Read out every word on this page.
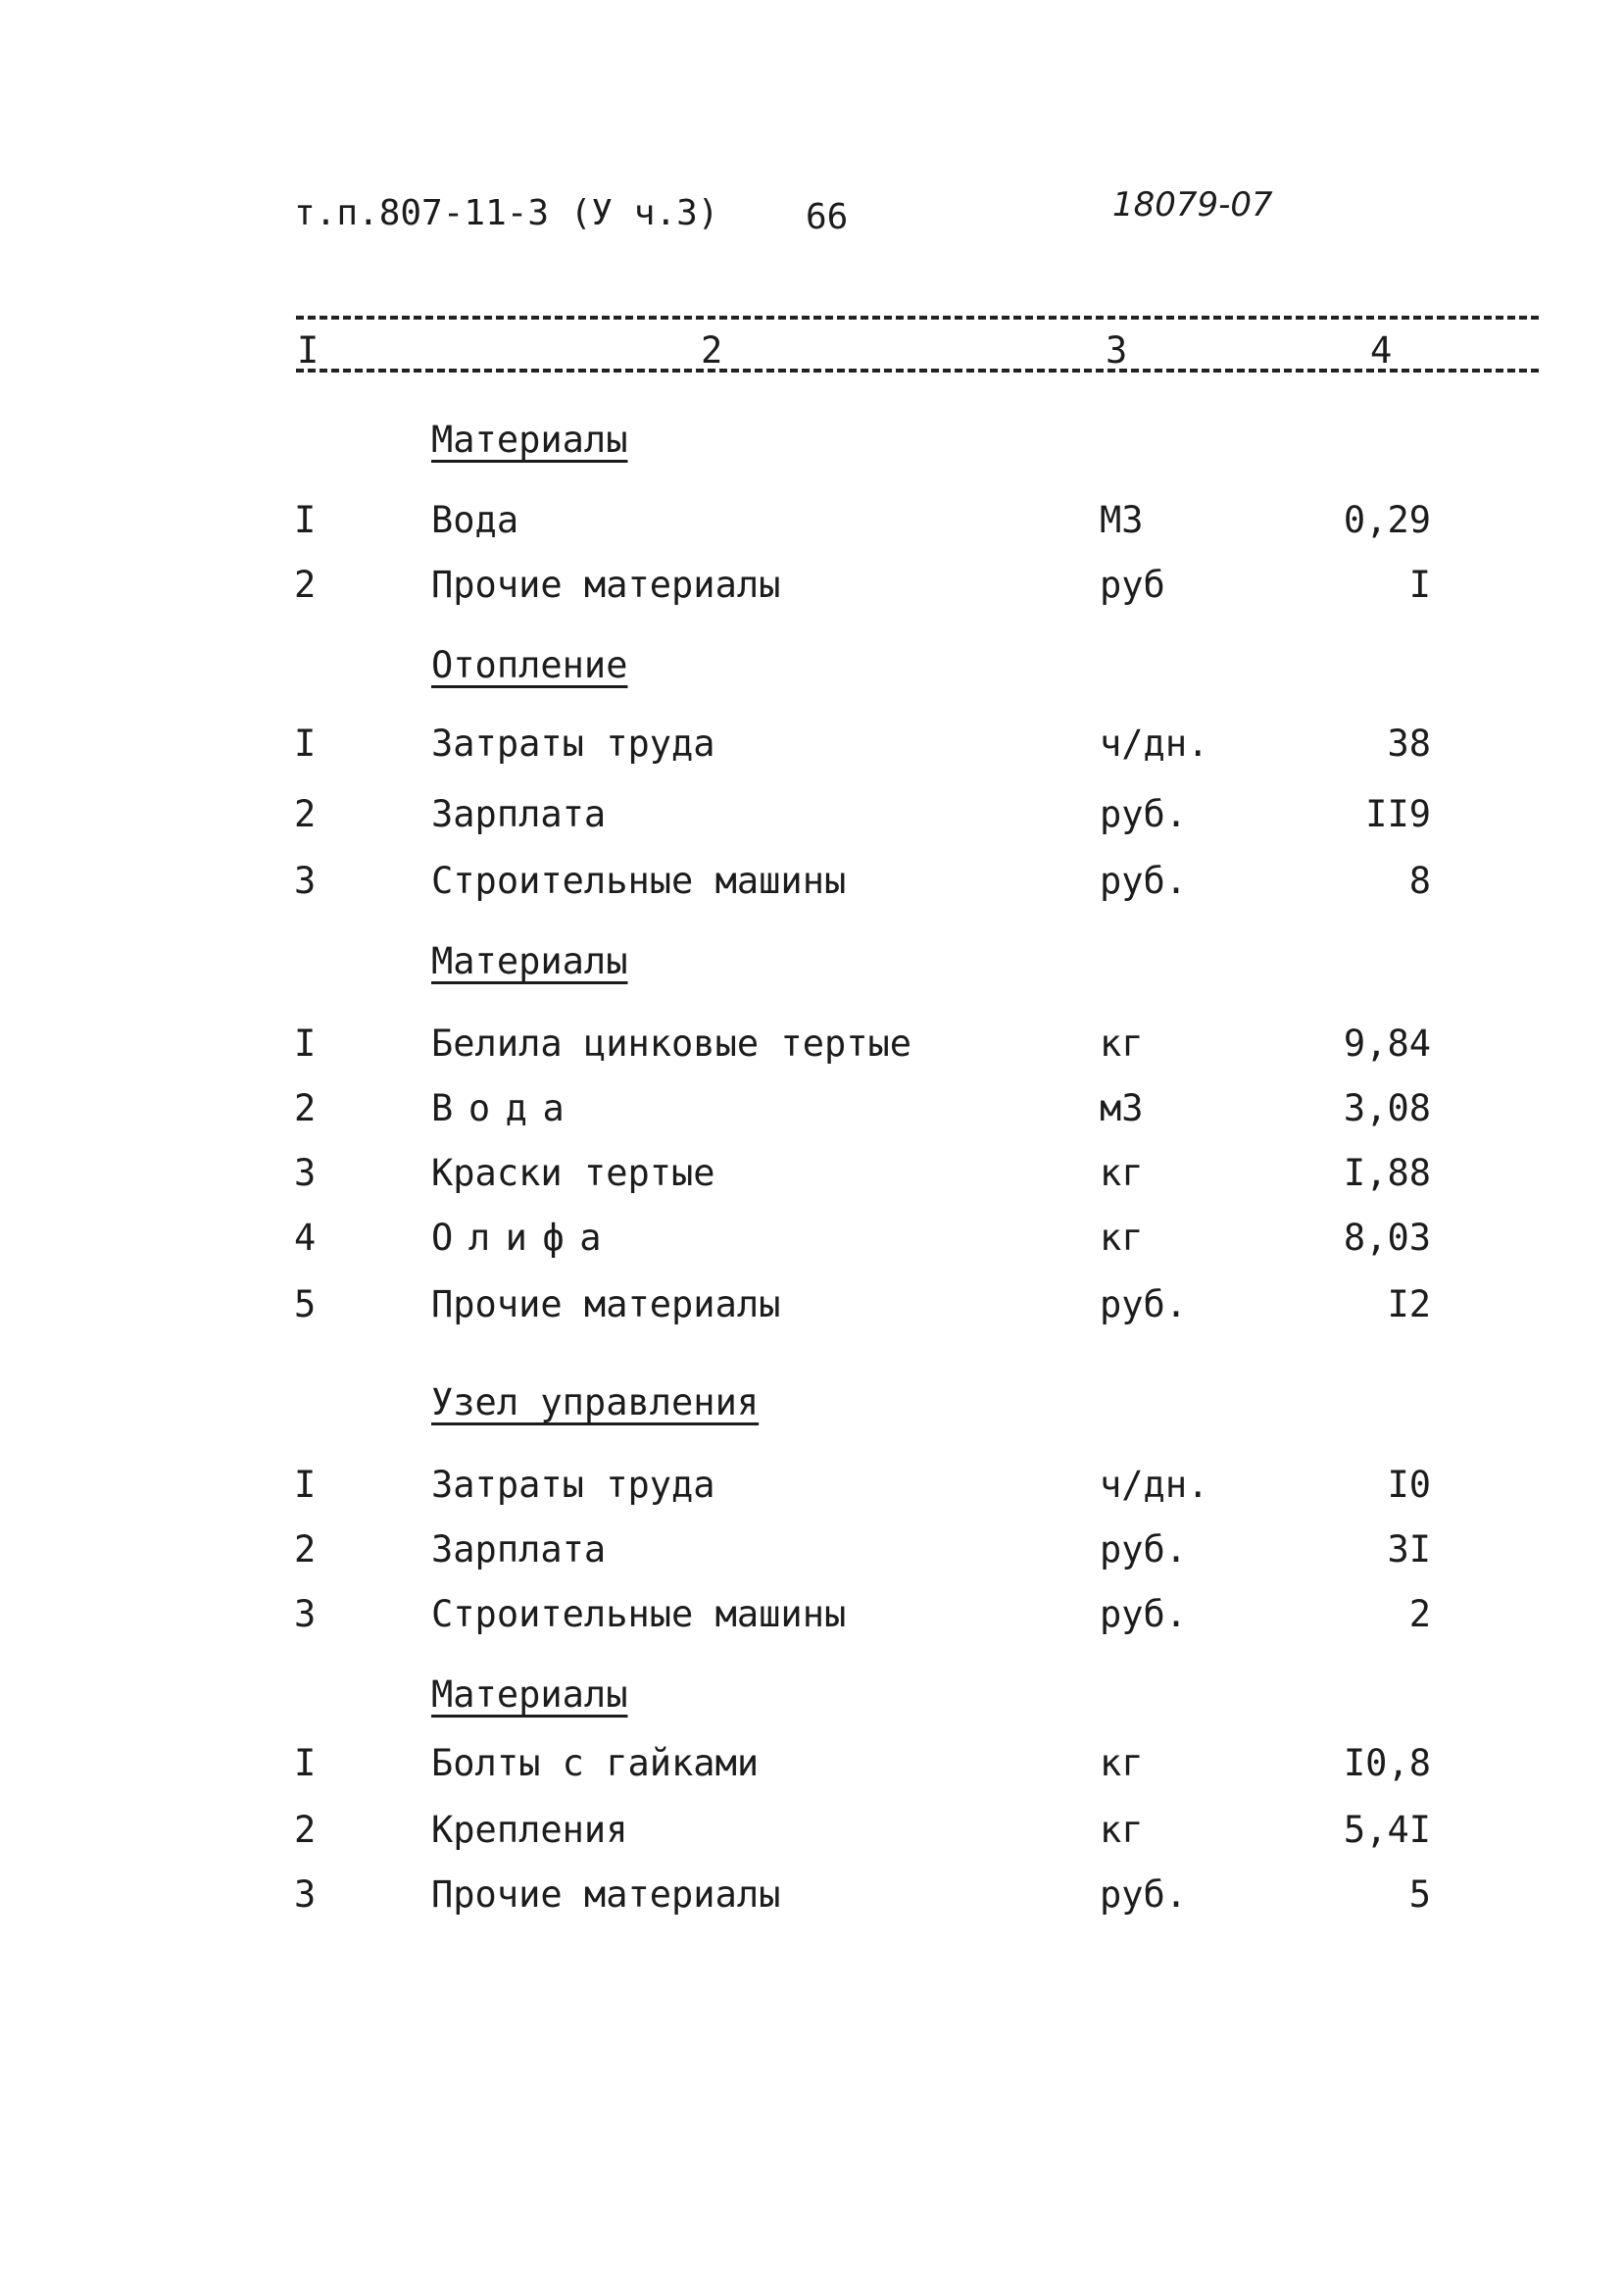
т.п.807-11-3 (У ч.3) 66	18079-07
I	2	3	4
Материалы
I	Вода	М3	0,29
2	Прочие материалы	руб	I
Отопление
I	Затраты труда	ч/дн.	38
2	Зарплата	руб.	II9
3	Строительные машины	руб.	8
Материалы
I	Белила цинковые тертые	кг	9,84
2	Вода	м3	3,08
3	Краски тертые	кг	I,88
4	Олифа	кг	8,03
5	Прочие материалы	руб.	I2
Узел управления
I	Затраты труда	ч/дн.	I0
2	Зарплата	руб.	3I
3	Строительные машины	руб.	2
Материалы
I	Болты с гайками	кг	I0,8
2	Крепления	кг	5,4I
3	Прочие материалы	руб.	5
